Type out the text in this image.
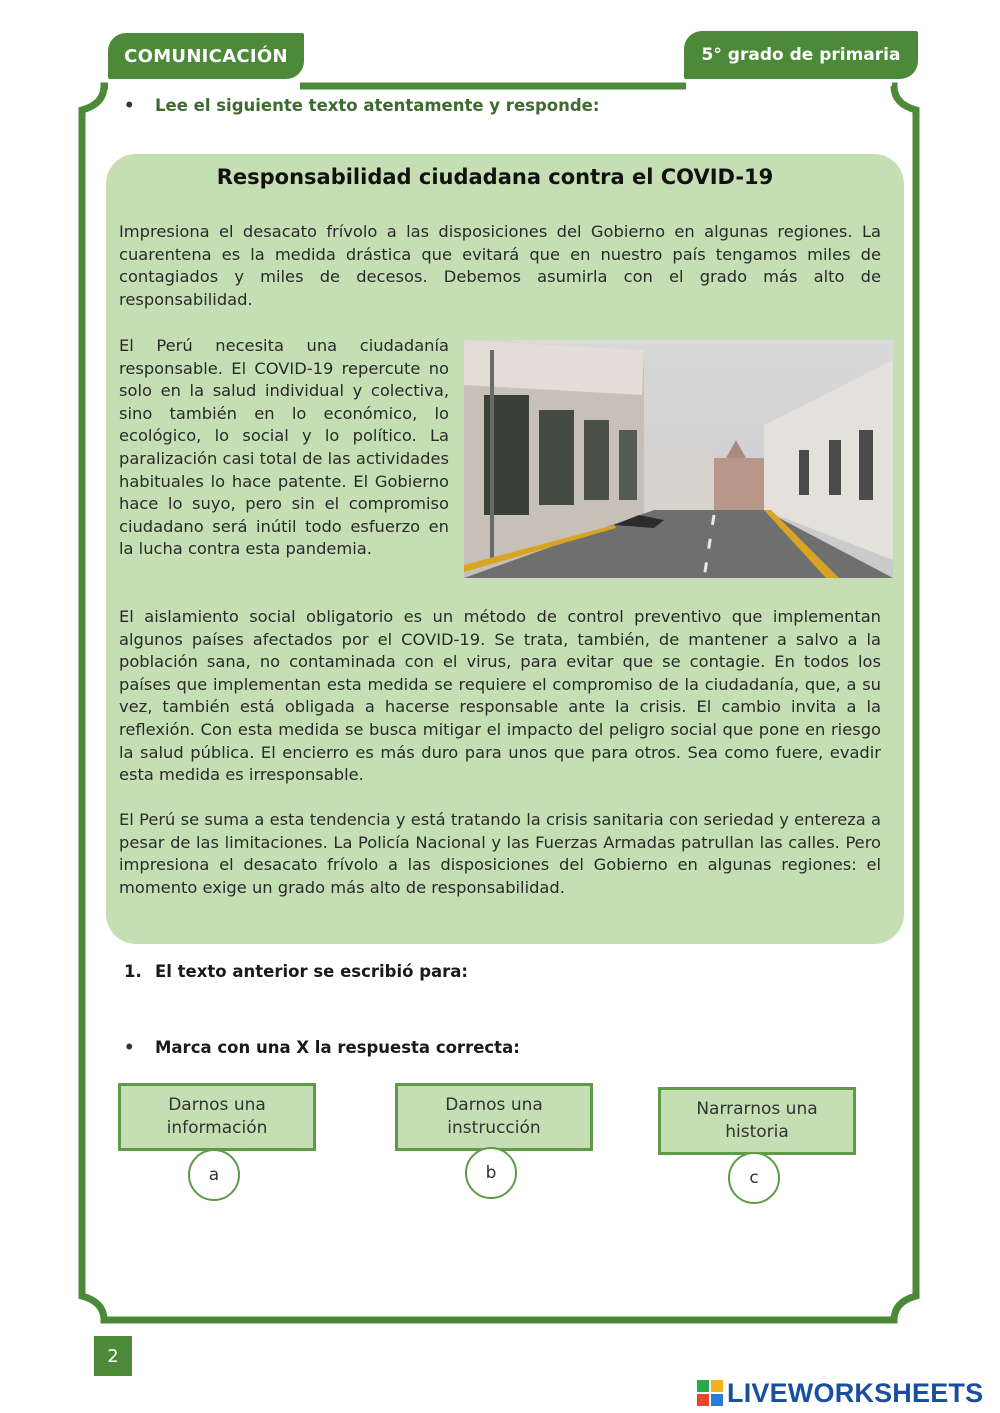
COMUNICACIÓN	5° grado de primaria
• Lee el siguiente texto atentamente y responde:
Responsabilidad ciudadana contra el COVID-19
Impresiona el desacato frívolo a las disposiciones del Gobierno en algunas regiones. La cuarentena es la medida drástica que evitará que en nuestro país tengamos miles de contagiados y miles de decesos. Debemos asumirla con el grado más alto de responsabilidad.
El Perú necesita una ciudadanía responsable. El COVID-19 repercute no solo en la salud individual y colectiva, sino también en lo económico, lo ecológico, lo social y lo político. La paralización casi total de las actividades habituales lo hace patente. El Gobierno hace lo suyo, pero sin el compromiso ciudadano será inútil todo esfuerzo en la lucha contra esta pandemia.
El aislamiento social obligatorio es un método de control preventivo que implementan algunos países afectados por el COVID-19. Se trata, también, de mantener a salvo a la población sana, no contaminada con el virus, para evitar que se contagie. En todos los países que implementan esta medida se requiere el compromiso de la ciudadanía, que, a su vez, también está obligada a hacerse responsable ante la crisis. El cambio invita a la reflexión. Con esta medida se busca mitigar el impacto del peligro social que pone en riesgo la salud pública. El encierro es más duro para unos que para otros. Sea como fuere, evadir esta medida es irresponsable.
El Perú se suma a esta tendencia y está tratando la crisis sanitaria con seriedad y entereza a pesar de las limitaciones. La Policía Nacional y las Fuerzas Armadas patrullan las calles. Pero impresiona el desacato frívolo a las disposiciones del Gobierno en algunas regiones: el momento exige un grado más alto de responsabilidad.
1. El texto anterior se escribió para:
• Marca con una X la respuesta correcta:
Darnos una información
a
Darnos una instrucción
b
Narrarnos una historia
c
2
LIVEWORKSHEETS
